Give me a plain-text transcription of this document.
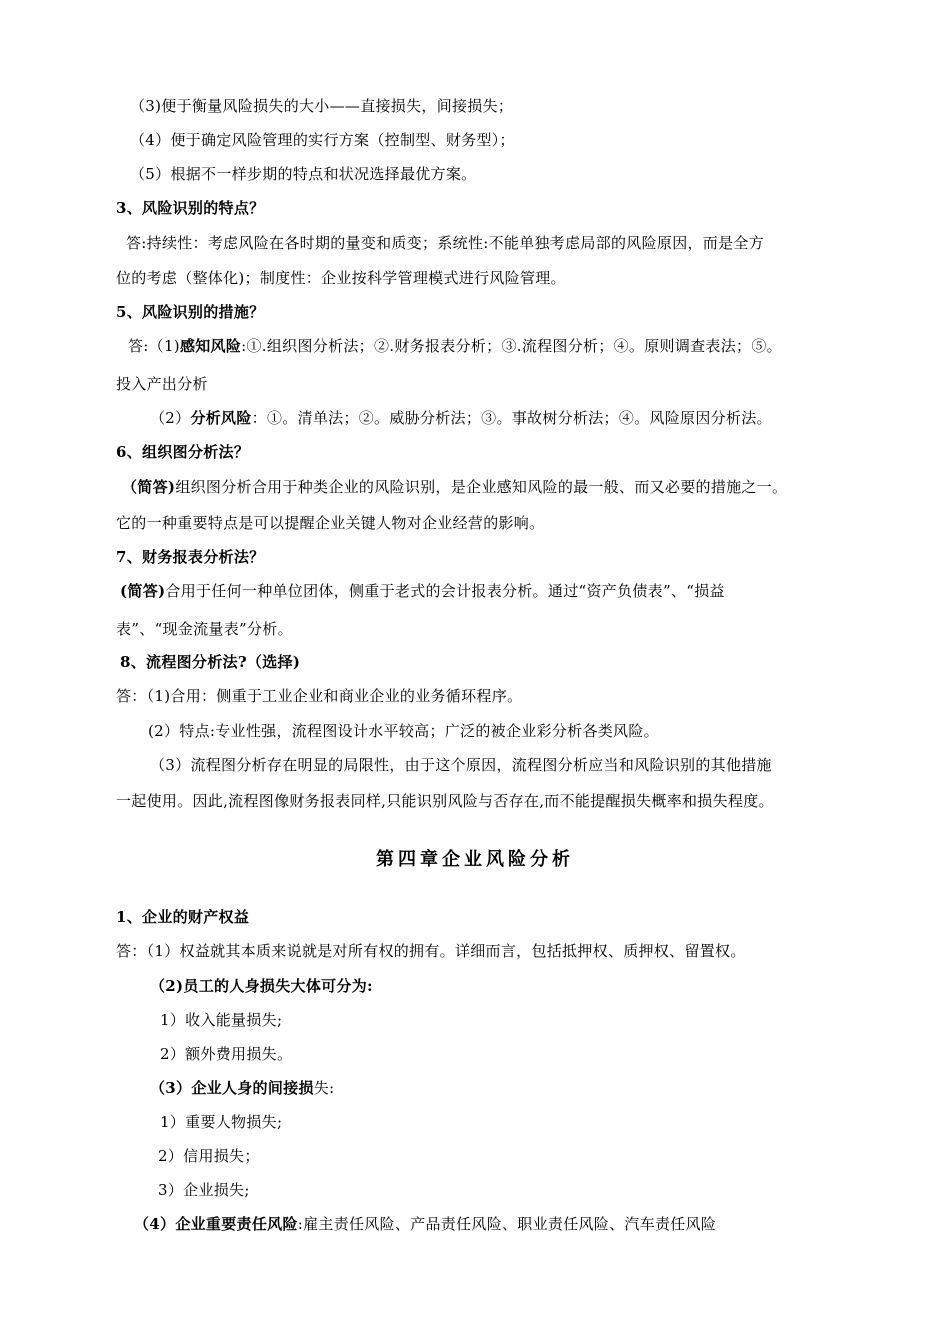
（3)便于衡量风险损失的大小——直接损失，间接损失；
（4）便于确定风险管理的实行方案（控制型、财务型）；
（5）根据不一样步期的特点和状况选择最优方案。
3、风险识别的特点？
答:持续性：考虑风险在各时期的量变和质变；系统性:不能单独考虑局部的风险原因，而是全方
位的考虑（整体化)；制度性：企业按科学管理模式进行风险管理。
5、风险识别的措施？
答:（1)感知风险:①.组织图分析法；②.财务报表分析；③.流程图分析；④。原则调查表法；⑤。
投入产出分析
（2）分析风险：①。清单法；②。威胁分析法；③。事故树分析法；④。风险原因分析法。
6、组织图分析法？
（简答)组织图分析合用于种类企业的风险识别，是企业感知风险的最一般、而又必要的措施之一。
它的一种重要特点是可以提醒企业关键人物对企业经营的影响。
7、财务报表分析法？
(简答)合用于任何一种单位团体，侧重于老式的会计报表分析。通过“资产负债表”、“损益
表”、“现金流量表”分析。
8、流程图分析法?（选择)
答：（1)合用：侧重于工业企业和商业企业的业务循环程序。
(2）特点:专业性强，流程图设计水平较高；广泛的被企业彩分析各类风险。
（3）流程图分析存在明显的局限性，由于这个原因，流程图分析应当和风险识别的其他措施
一起使用。因此,流程图像财务报表同样,只能识别风险与否存在,而不能提醒损失概率和损失程度。
第四章企业风险分析
1、企业的财产权益
答：（1）权益就其本质来说就是对所有权的拥有。详细而言，包括抵押权、质押权、留置权。
（2)员工的人身损失大体可分为:
1）收入能量损失;
2）额外费用损失。
（3）企业人身的间接损失:
1）重要人物损失;
2）信用损失；
3）企业损失;
（4）企业重要责任风险:雇主责任风险、产品责任风险、职业责任风险、汽车责任风险
